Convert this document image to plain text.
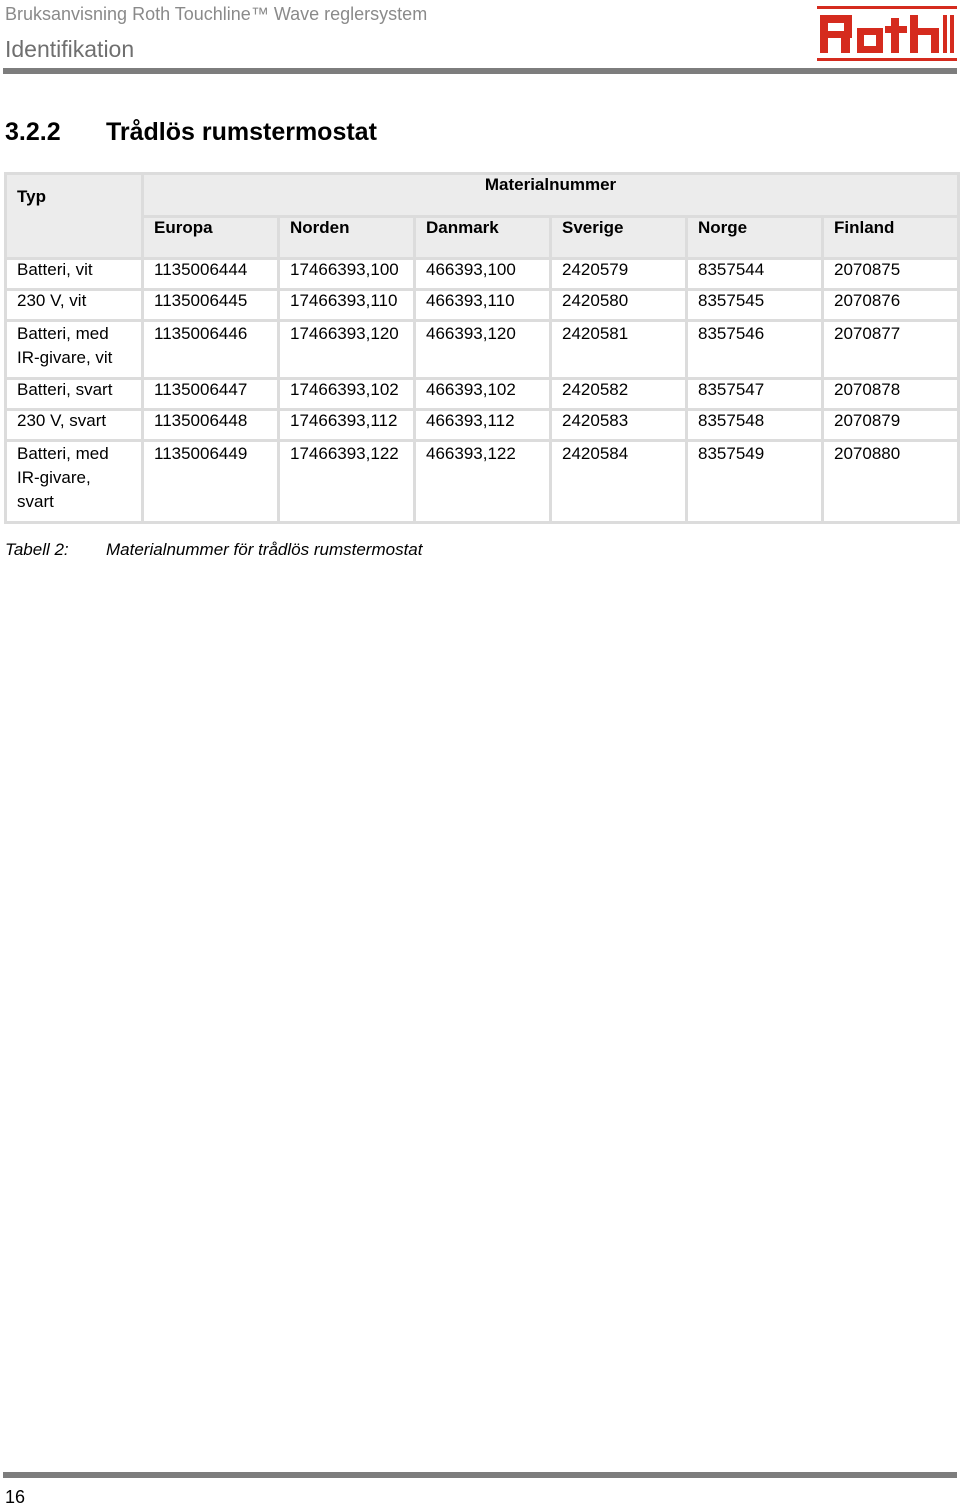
Bruksanvisning Roth Touchline™ Wave reglersystem
Identifikation
3.2.2 Trådlös rumstermostat
Typ	Materialnummer					
	Europa	Norden	Danmark	Sverige	Norge	Finland
Batteri, vit	1135006444	17466393,100	466393,100	2420579	8357544	2070875
230 V, vit	1135006445	17466393,110	466393,110	2420580	8357545	2070876
Batteri, med IR-givare, vit	1135006446	17466393,120	466393,120	2420581	8357546	2070877
Batteri, svart	1135006447	17466393,102	466393,102	2420582	8357547	2070878
230 V, svart	1135006448	17466393,112	466393,112	2420583	8357548	2070879
Batteri, med IR-givare, svart	1135006449	17466393,122	466393,122	2420584	8357549	2070880
Tabell 2: Materialnummer för trådlös rumstermostat
16
